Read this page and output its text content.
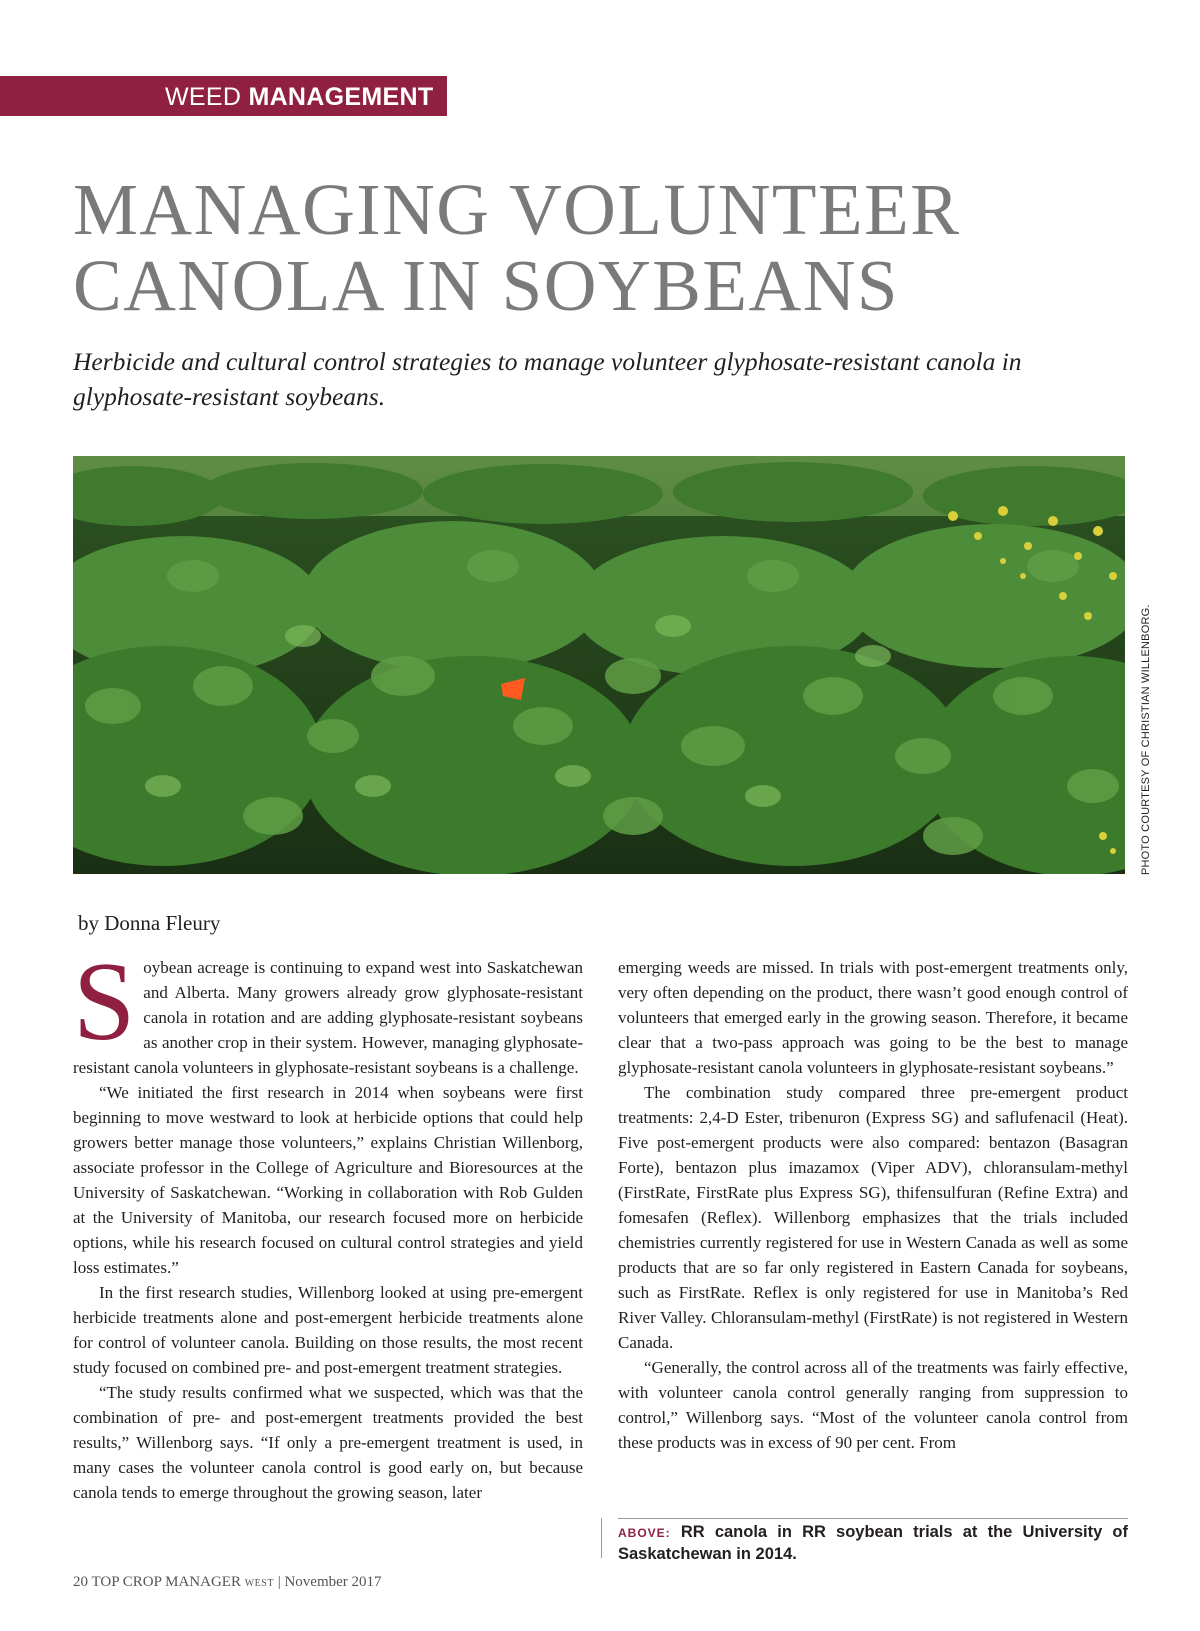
WEED MANAGEMENT
MANAGING VOLUNTEER
CANOLA IN SOYBEANS

Herbicide and cultural control strategies to manage volunteer glyphosate-resistant canola in glyphosate-resistant soybeans.

PHOTO COURTESY OF CHRISTIAN WILLENBORG.
by Donna Fleury

Soybean acreage is continuing to expand west into Saskatchewan and Alberta. Many growers already grow glyphosate-resistant canola in rotation and are adding glyphosate-resistant soybeans as another crop in their system. However, managing glyphosate-resistant canola volunteers in glyphosate-resistant soybeans is a challenge.

“We initiated the first research in 2014 when soybeans were first beginning to move westward to look at herbicide options that could help growers better manage those volunteers,” explains Christian Willenborg, associate professor in the College of Agriculture and Bioresources at the University of Saskatchewan. “Working in collaboration with Rob Gulden at the University of Manitoba, our research focused more on herbicide options, while his research focused on cultural control strategies and yield loss estimates.”

In the first research studies, Willenborg looked at using pre-emergent herbicide treatments alone and post-emergent herbicide treatments alone for control of volunteer canola. Building on those results, the most recent study focused on combined pre- and post-emergent treatment strategies.

“The study results confirmed what we suspected, which was that the combination of pre- and post-emergent treatments provided the best results,” Willenborg says. “If only a pre-emergent treatment is used, in many cases the volunteer canola control is good early on, but because canola tends to emerge throughout the growing season, later

emerging weeds are missed. In trials with post-emergent treatments only, very often depending on the product, there wasn’t good enough control of volunteers that emerged early in the growing season. Therefore, it became clear that a two-pass approach was going to be the best to manage glyphosate-resistant canola volunteers in glyphosate-resistant soybeans.”

The combination study compared three pre-emergent product treatments: 2,4-D Ester, tribenuron (Express SG) and saflufenacil (Heat). Five post-emergent products were also compared: bentazon (Basagran Forte), bentazon plus imazamox (Viper ADV), chloransulam-methyl (FirstRate, FirstRate plus Express SG), thifensulfuran (Refine Extra) and fomesafen (Reflex). Willenborg emphasizes that the trials included chemistries currently registered for use in Western Canada as well as some products that are so far only registered in Eastern Canada for soybeans, such as FirstRate. Reflex is only registered for use in Manitoba’s Red River Valley. Chloransulam-methyl (FirstRate) is not registered in Western Canada.

“Generally, the control across all of the treatments was fairly effective, with volunteer canola control generally ranging from suppression to control,” Willenborg says. “Most of the volunteer canola control from these products was in excess of 90 per cent. From

ABOVE: RR canola in RR soybean trials at the University of Saskatchewan in 2014.
20 TOP CROP MANAGER WEST | November 2017
